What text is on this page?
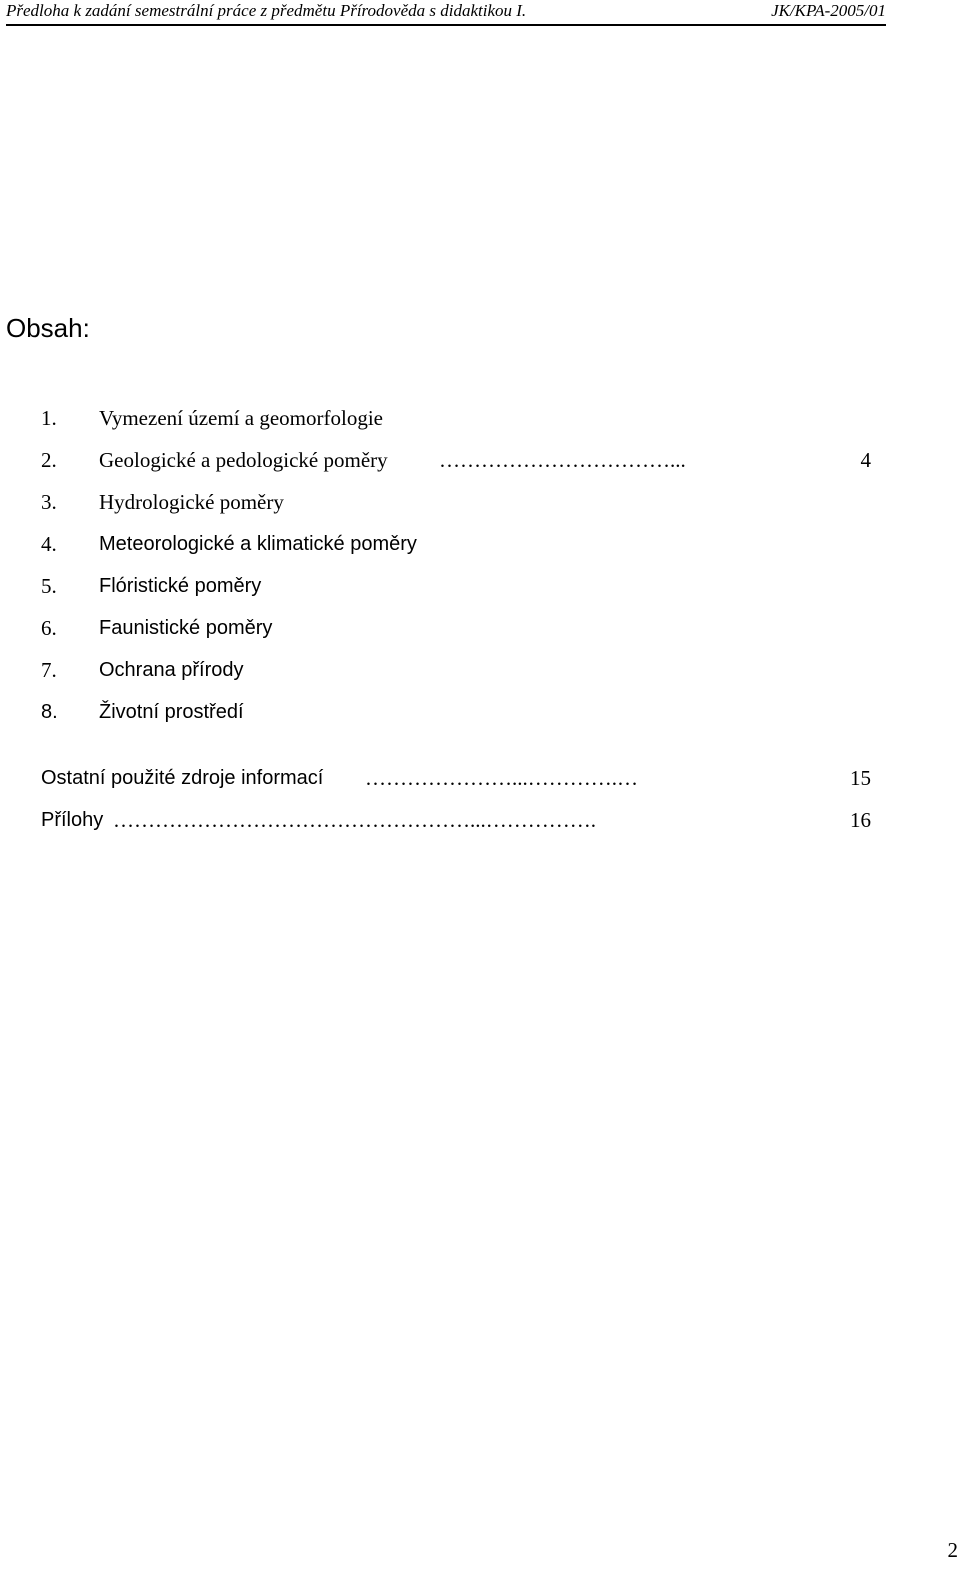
Předloha k zadání semestrální práce z předmětu Přírodověda s didaktikou I.	JK/KPA-2005/01
Obsah:
1. Vymezení území a geomorfologie
2. Geologické a pedologické poměry ……………………………...	4
3. Hydrologické poměry
4. Meteorologické a klimatické poměry
5. Flóristické poměry
6. Faunistické poměry
7. Ochrana přírody
8. Životní prostředí
Ostatní použité zdroje informací …………………...………….…	15
Přílohy ……………………………………………...…………….	16
2
